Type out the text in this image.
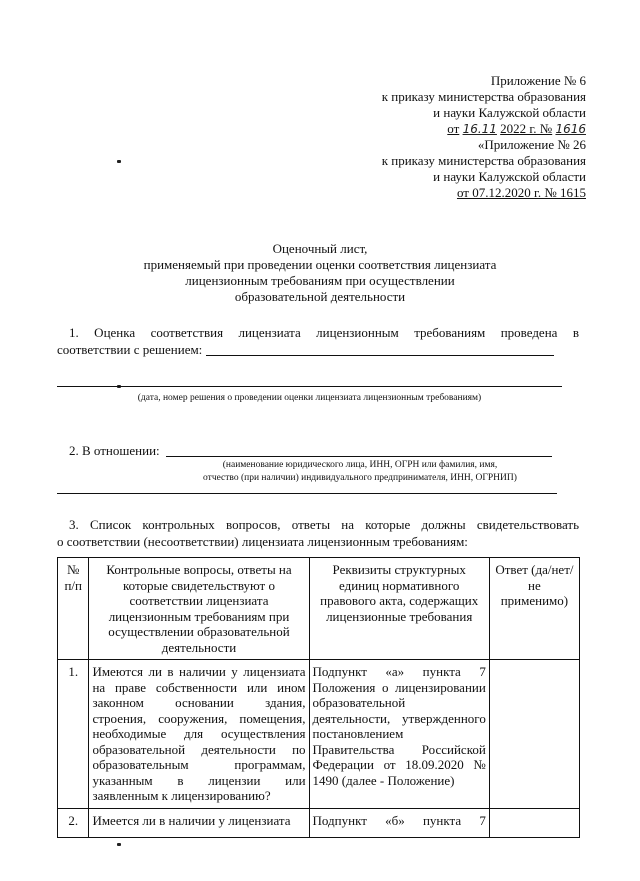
Приложение № 6
к приказу министерства образования
и науки Калужской области
от 16.11 2022 г. № 1616
«Приложение № 26
к приказу министерства образования
и науки Калужской области
от 07.12.2020 г. № 1615
Оценочный лист,
применяемый при проведении оценки соответствия лицензиата
лицензионным требованиям при осуществлении
образовательной деятельности
1. Оценка соответствия лицензиата лицензионным требованиям проведена в
соответствии с решением:
(дата, номер решения о проведении оценки лицензиата лицензионным требованиям)
2. В отношении:
(наименование юридического лица, ИНН, ОГРН или фамилия, имя,
отчество (при наличии) индивидуального предпринимателя, ИНН, ОГРНИП)
3. Список контрольных вопросов, ответы на которые должны свидетельствовать
о соответствии (несоответствии) лицензиата лицензионным требованиям:
№ п/п	Контрольные вопросы, ответы на которые свидетельствуют о соответствии лицензиата лицензионным требованиям при осуществлении образовательной деятельности	Реквизиты структурных единиц нормативного правового акта, содержащих лицензионные требования	Ответ (да/нет/не применимо)
1.	Имеются ли в наличии у лицензиата на праве собственности или ином законном основании здания, строения, сооружения, помещения, необходимые для осуществления образовательной деятельности по образовательным программам, указанным в лицензии или заявленным к лицензированию?	Подпункт «а» пункта 7 Положения о лицензировании образовательной деятельности, утвержденного постановлением Правительства Российской Федерации от 18.09.2020 № 1490 (далее - Положение)	
2.	Имеется ли в наличии у лицензиата	Подпункт «б» пункта 7	
